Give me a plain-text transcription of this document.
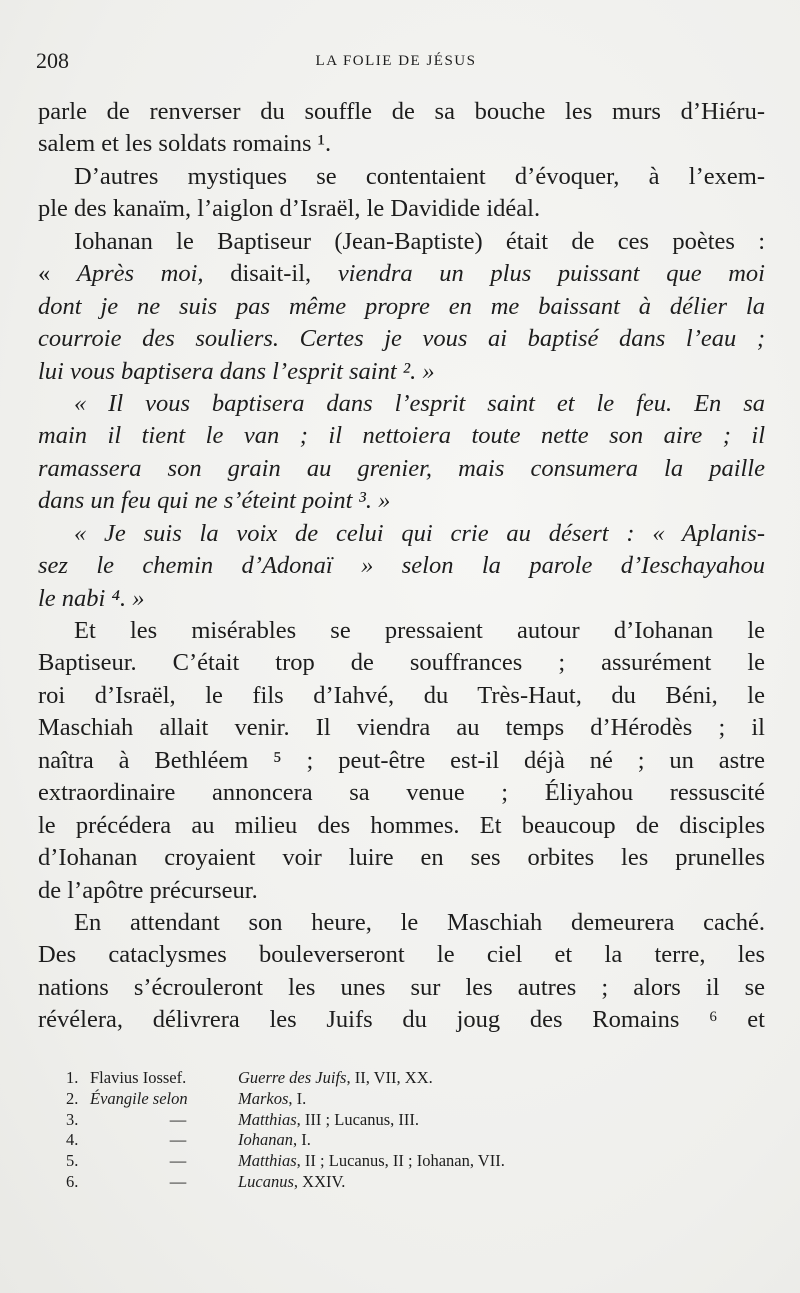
208	LA FOLIE DE JÉSUS
parle de renverser du souffle de sa bouche les murs d’Hiéru-
salem et les soldats romains ¹.
D’autres mystiques se contentaient d’évoquer, à l’exem-
ple des kanaïm, l’aiglon d’Israël, le Davidide idéal.
Iohanan le Baptiseur (Jean-Baptiste) était de ces poètes :
« Après moi, disait-il, viendra un plus puissant que moi
dont je ne suis pas même propre en me baissant à délier la
courroie des souliers. Certes je vous ai baptisé dans l’eau ;
lui vous baptisera dans l’esprit saint ². »
« Il vous baptisera dans l’esprit saint et le feu. En sa
main il tient le van ; il nettoiera toute nette son aire ; il
ramassera son grain au grenier, mais consumera la paille
dans un feu qui ne s’éteint point ³. »
« Je suis la voix de celui qui crie au désert : « Aplanis-
sez le chemin d’Adonaï » selon la parole d’Ieschayahou
le nabi ⁴. »
Et les misérables se pressaient autour d’Iohanan le
Baptiseur. C’était trop de souffrances ; assurément le
roi d’Israël, le fils d’Iahvé, du Très-Haut, du Béni, le
Maschiah allait venir. Il viendra au temps d’Hérodès ; il
naîtra à Bethléem ⁵ ; peut-être est-il déjà né ; un astre
extraordinaire annoncera sa venue ; Éliyahou ressuscité
le précédera au milieu des hommes. Et beaucoup de disciples
d’Iohanan croyaient voir luire en ses orbites les prunelles
de l’apôtre précurseur.
En attendant son heure, le Maschiah demeurera caché.
Des cataclysmes bouleverseront le ciel et la terre, les
nations s’écrouleront les unes sur les autres ; alors il se
révélera, délivrera les Juifs du joug des Romains ⁶ et
1. Flavius Iossef.	Guerre des Juifs, II, VII, XX.
2. Évangile selon	Markos, I.
3.	—	Matthias, III ; Lucanus, III.
4.	—	Iohanan, I.
5.	—	Matthias, II ; Lucanus, II ; Iohanan, VII.
6.	—	Lucanus, XXIV.
